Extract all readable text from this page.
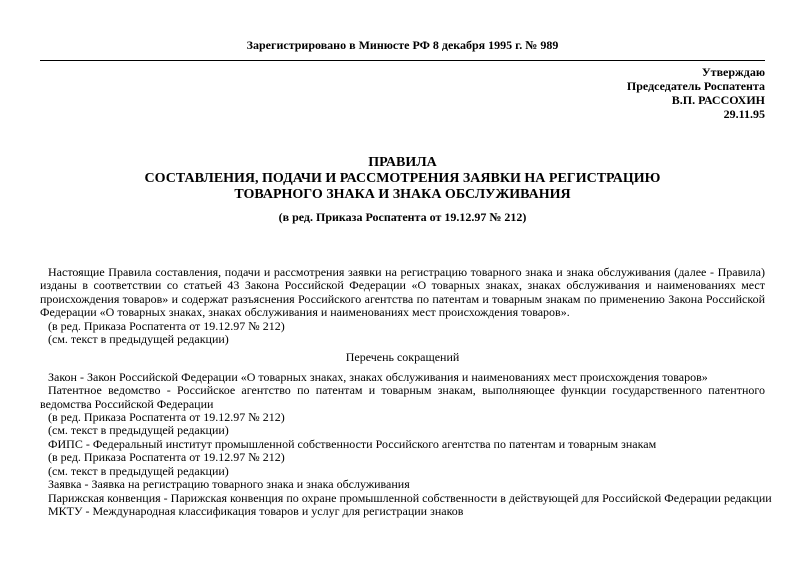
Зарегистрировано в Минюсте РФ 8 декабря 1995 г. № 989
Утверждаю
Председатель Роспатента
В.П. РАССОХИН
29.11.95
ПРАВИЛА
СОСТАВЛЕНИЯ, ПОДАЧИ И РАССМОТРЕНИЯ ЗАЯВКИ НА РЕГИСТРАЦИЮ
ТОВАРНОГО ЗНАКА И ЗНАКА ОБСЛУЖИВАНИЯ
(в ред. Приказа Роспатента от 19.12.97 № 212)

Настоящие Правила составления, подачи и рассмотрения заявки на регистрацию товарного знака и знака обслуживания (далее - Правила) изданы в соответствии со статьей 43 Закона Российской Федерации «О товарных знаках, знаках обслуживания и наименованиях мест происхождения товаров» и содержат разъяснения Российского агентства по патентам и товарным знакам по применению Закона Российской Федерации «О товарных знаках, знаках обслуживания и наименованиях мест происхождения товаров».

(в ред. Приказа Роспатента от 19.12.97 № 212)

(см. текст в предыдущей редакции)

Перечень сокращений

Закон - Закон Российской Федерации «О товарных знаках, знаках обслуживания и наименованиях мест происхождения товаров»

Патентное ведомство - Российское агентство по патентам и товарным знакам, выполняющее функции государственного патентного ведомства Российской Федерации

(в ред. Приказа Роспатента от 19.12.97 № 212)

(см. текст в предыдущей редакции)

ФИПС - Федеральный институт промышленной собственности Российского агентства по патентам и товарным знакам

(в ред. Приказа Роспатента от 19.12.97 № 212)

(см. текст в предыдущей редакции)

Заявка - Заявка на регистрацию товарного знака и знака обслуживания

Парижская конвенция - Парижская конвенция по охране промышленной собственности в действующей для Российской Федерации редакции

МКТУ - Международная классификация товаров и услуг для регистрации знаков
